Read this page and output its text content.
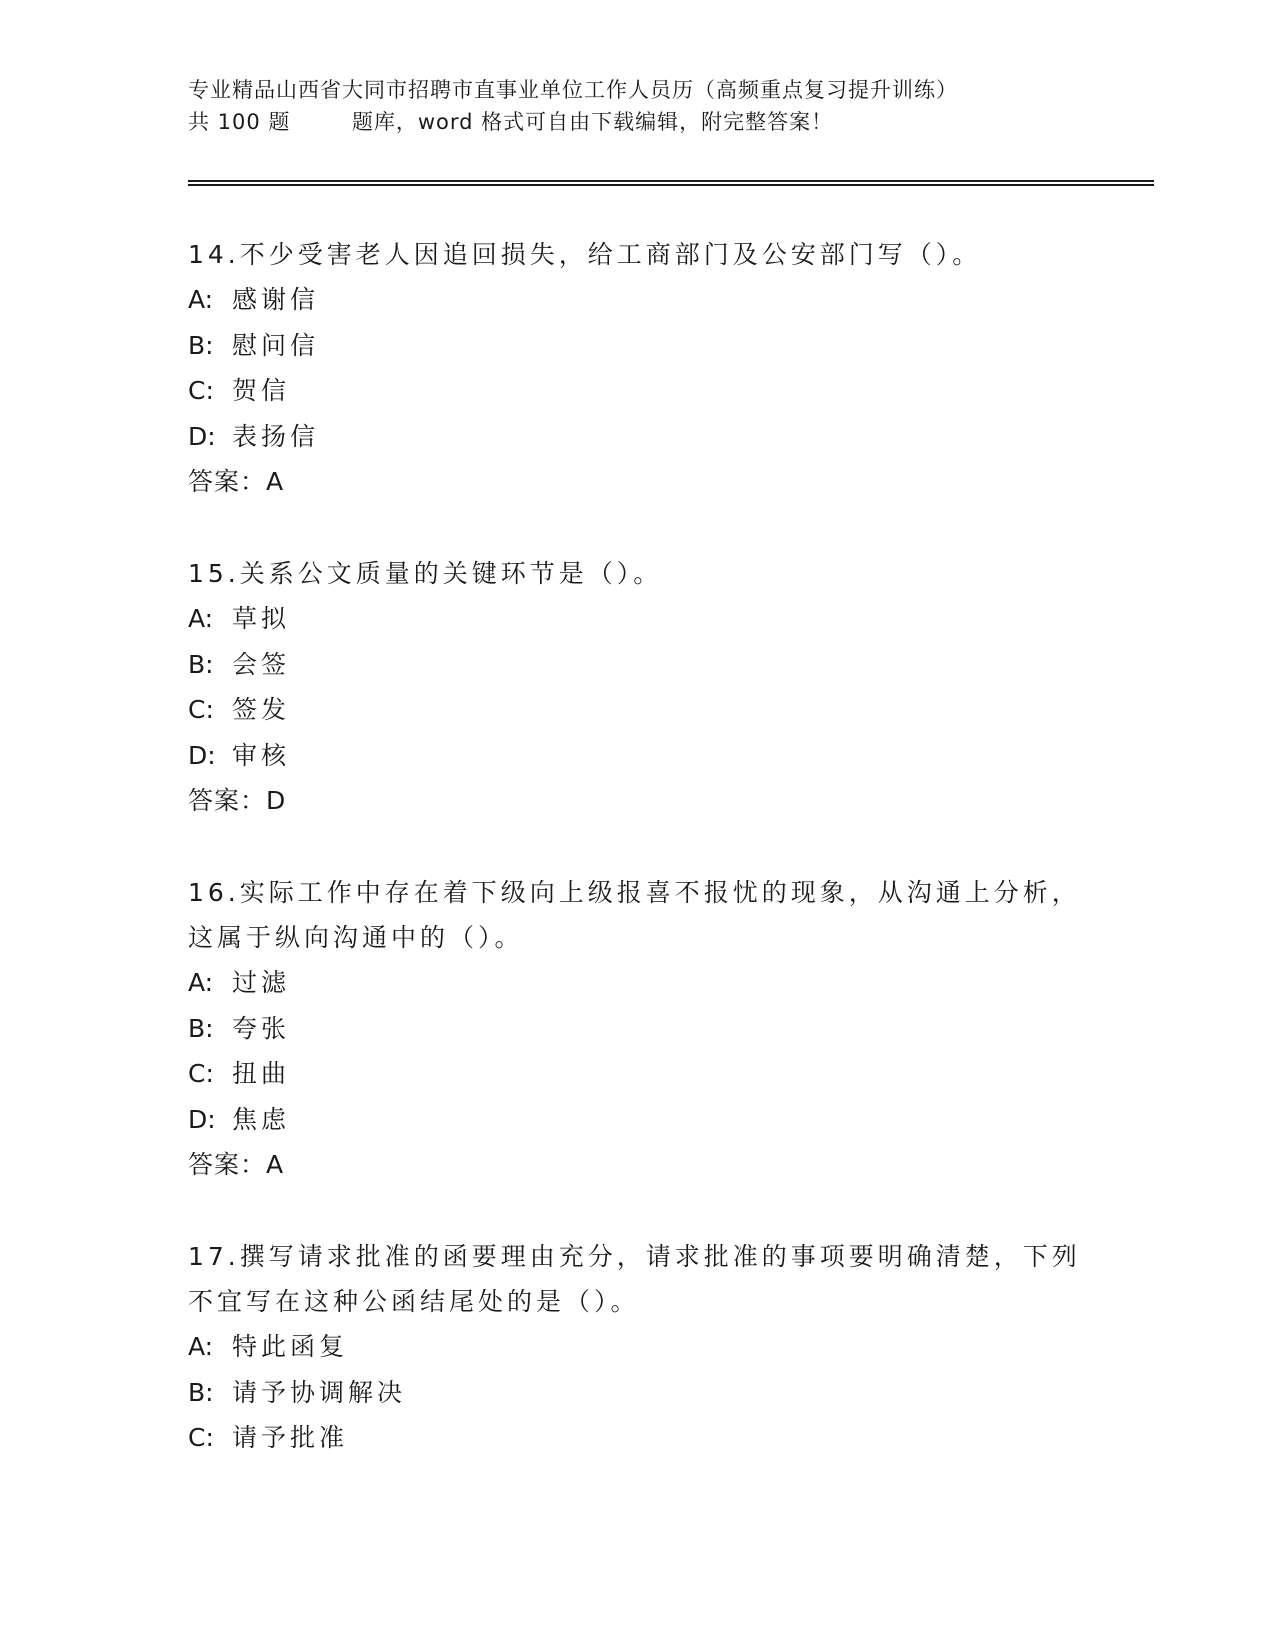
专业精品山西省大同市招聘市直事业单位工作人员历（高频重点复习提升训练）
共 100 题        题库，word 格式可自由下载编辑，附完整答案！
14.不少受害老人因追回损失，给工商部门及公安部门写（）。
A: 感谢信
B: 慰问信
C: 贺信
D: 表扬信
答案：A
15.关系公文质量的关键环节是（）。
A: 草拟
B: 会签
C: 签发
D: 审核
答案：D
16.实际工作中存在着下级向上级报喜不报忧的现象，从沟通上分析，这属于纵向沟通中的（）。
A: 过滤
B: 夸张
C: 扭曲
D: 焦虑
答案：A
17.撰写请求批准的函要理由充分，请求批准的事项要明确清楚，下列不宜写在这种公函结尾处的是（）。
A: 特此函复
B: 请予协调解决
C: 请予批准
